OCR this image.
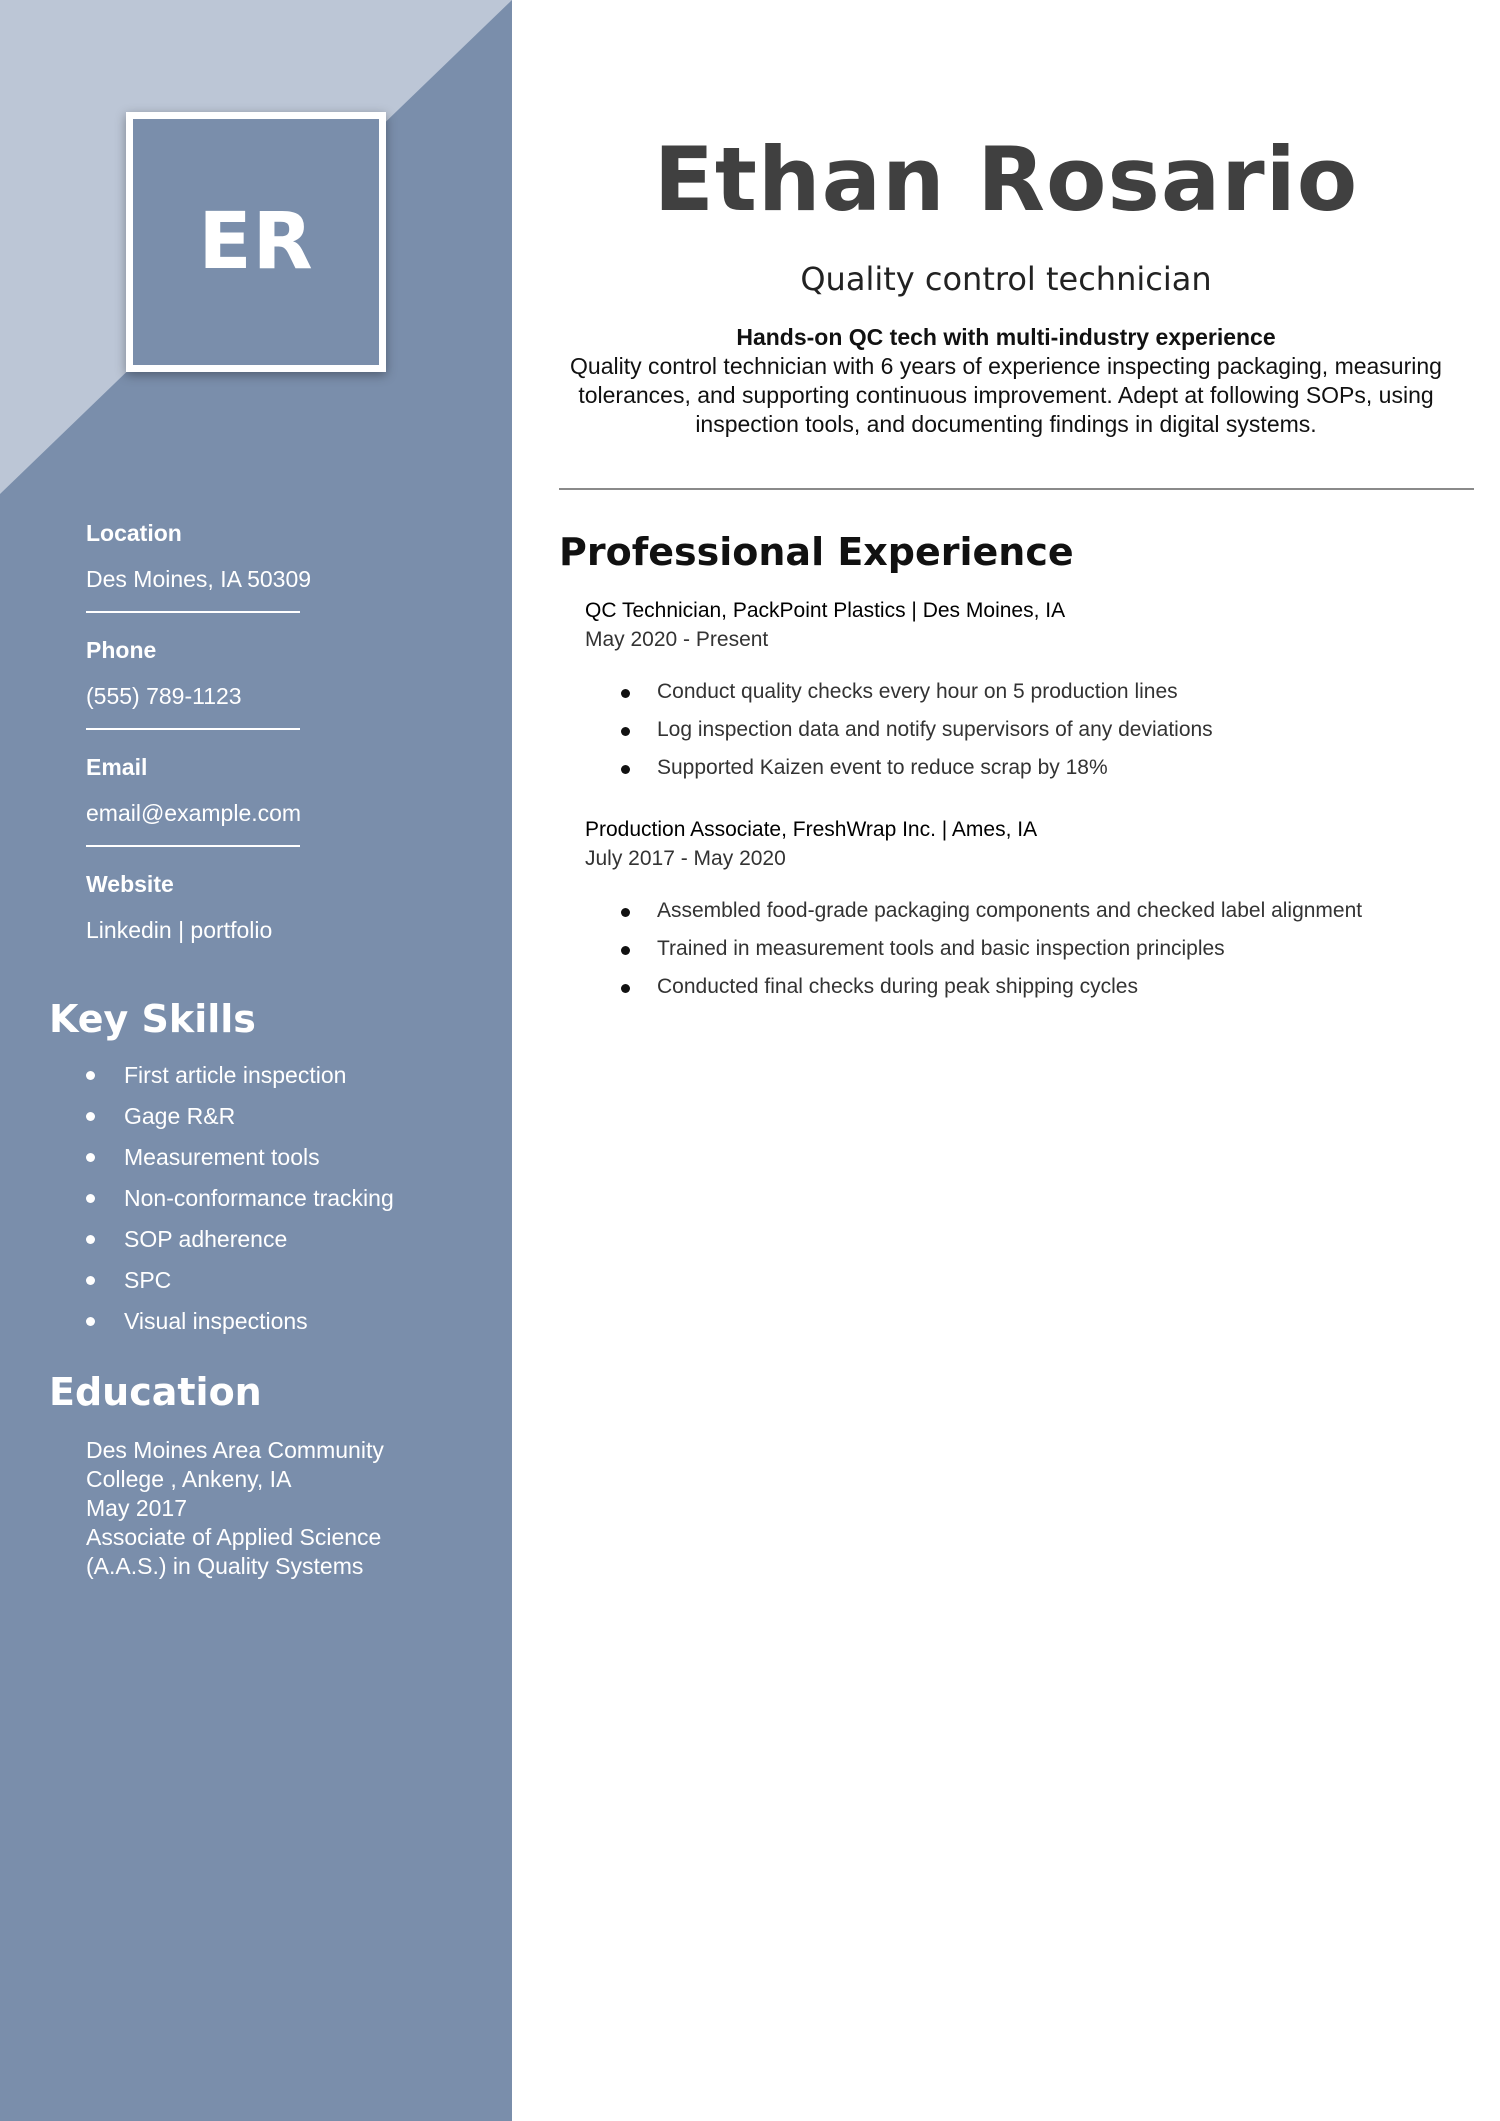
ER
Location
Des Moines, IA 50309
Phone
(555) 789-1123
Email
email@example.com
Website
Linkedin | portfolio
Key Skills
First article inspection
Gage R&R
Measurement tools
Non-conformance tracking
SOP adherence
SPC
Visual inspections
Education
Des Moines Area Community
College , Ankeny, IA
May 2017
Associate of Applied Science
(A.A.S.) in Quality Systems
Ethan Rosario
Quality control technician
Hands-on QC tech with multi-industry experience
Quality control technician with 6 years of experience inspecting packaging, measuring tolerances, and supporting continuous improvement. Adept at following SOPs, using inspection tools, and documenting findings in digital systems.
Professional Experience
QC Technician, PackPoint Plastics | Des Moines, IA
May 2020 - Present
Conduct quality checks every hour on 5 production lines
Log inspection data and notify supervisors of any deviations
Supported Kaizen event to reduce scrap by 18%
Production Associate, FreshWrap Inc. | Ames, IA
July 2017 - May 2020
Assembled food-grade packaging components and checked label alignment
Trained in measurement tools and basic inspection principles
Conducted final checks during peak shipping cycles
